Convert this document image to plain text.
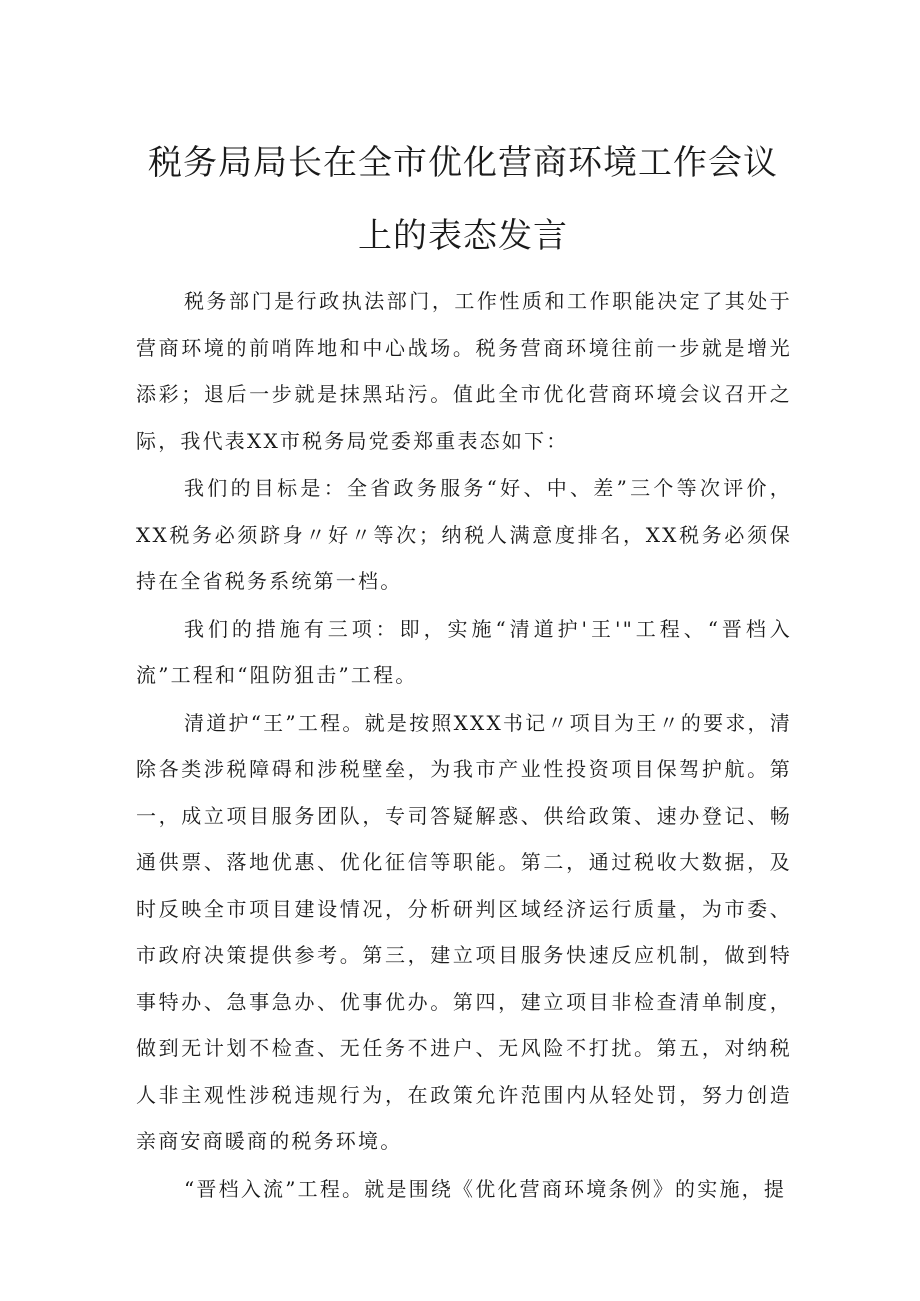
税务局局长在全市优化营商环境工作会议
上的表态发言

税务部门是行政执法部门，工作性质和工作职能决定了其处于营商环境的前哨阵地和中心战场。税务营商环境往前一步就是增光添彩；退后一步就是抹黑玷污。值此全市优化营商环境会议召开之际，我代表XX市税务局党委郑重表态如下：

我们的目标是：全省政务服务“好、中、差”三个等次评价，XX税务必须跻身〃好〃等次；纳税人满意度排名，XX税务必须保持在全省税务系统第一档。

我们的措施有三项：即，实施“清道护'王'"工程、“晋档入流”工程和“阻防狙击”工程。

清道护“王”工程。就是按照XXX书记〃项目为王〃的要求，清除各类涉税障碍和涉税壁垒，为我市产业性投资项目保驾护航。第一，成立项目服务团队，专司答疑解惑、供给政策、速办登记、畅通供票、落地优惠、优化征信等职能。第二，通过税收大数据，及时反映全市项目建设情况，分析研判区域经济运行质量，为市委、市政府决策提供参考。第三，建立项目服务快速反应机制，做到特事特办、急事急办、优事优办。第四，建立项目非检查清单制度，做到无计划不检查、无任务不进户、无风险不打扰。第五，对纳税人非主观性涉税违规行为，在政策允许范围内从轻处罚，努力创造亲商安商暖商的税务环境。

“晋档入流”工程。就是围绕《优化营商环境条例》的实施，提
